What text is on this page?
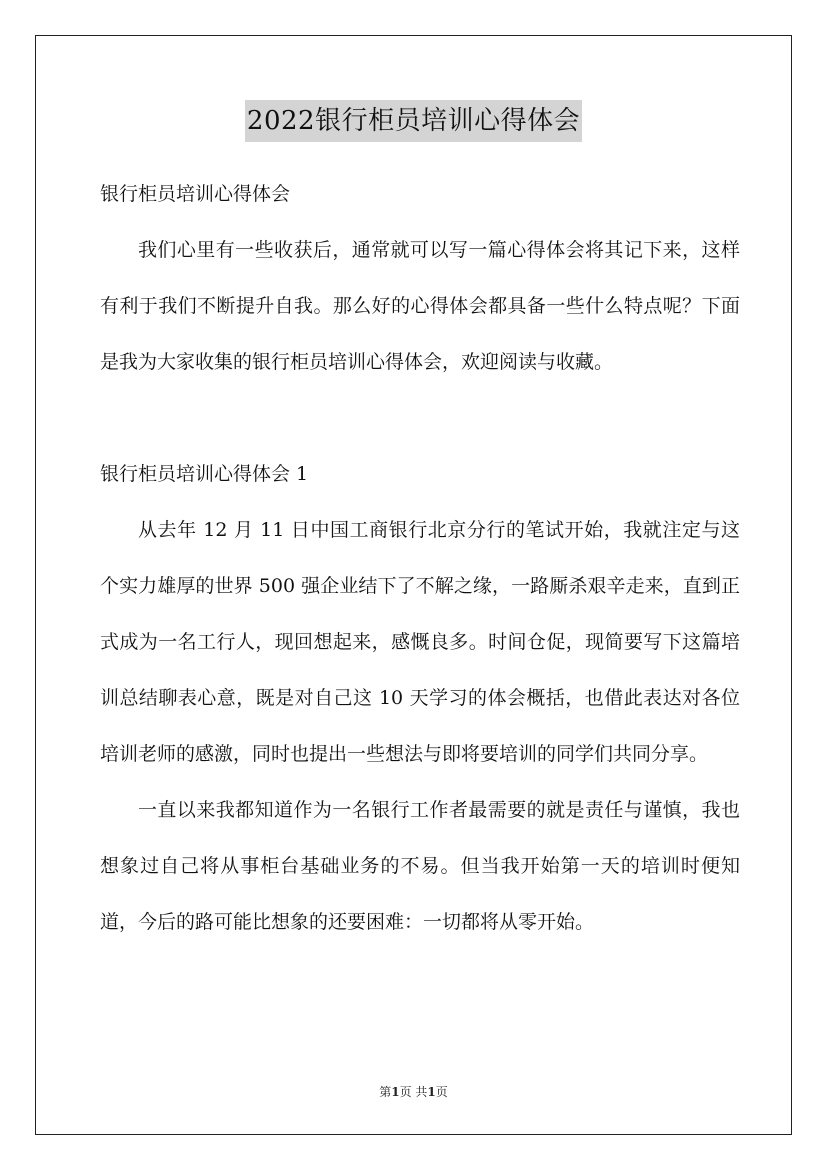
2022银行柜员培训心得体会

银行柜员培训心得体会

我们心里有一些收获后，通常就可以写一篇心得体会将其记下来，这样有利于我们不断提升自我。那么好的心得体会都具备一些什么特点呢？下面是我为大家收集的银行柜员培训心得体会，欢迎阅读与收藏。

银行柜员培训心得体会 1

从去年 12 月 11 日中国工商银行北京分行的笔试开始，我就注定与这个实力雄厚的世界 500 强企业结下了不解之缘，一路厮杀艰辛走来，直到正式成为一名工行人，现回想起来，感慨良多。时间仓促，现简要写下这篇培训总结聊表心意，既是对自己这 10 天学习的体会概括，也借此表达对各位培训老师的感激，同时也提出一些想法与即将要培训的同学们共同分享。

一直以来我都知道作为一名银行工作者最需要的就是责任与谨慎，我也想象过自己将从事柜台基础业务的不易。但当我开始第一天的培训时便知道，今后的路可能比想象的还要困难：一切都将从零开始。

第1页 共1页
